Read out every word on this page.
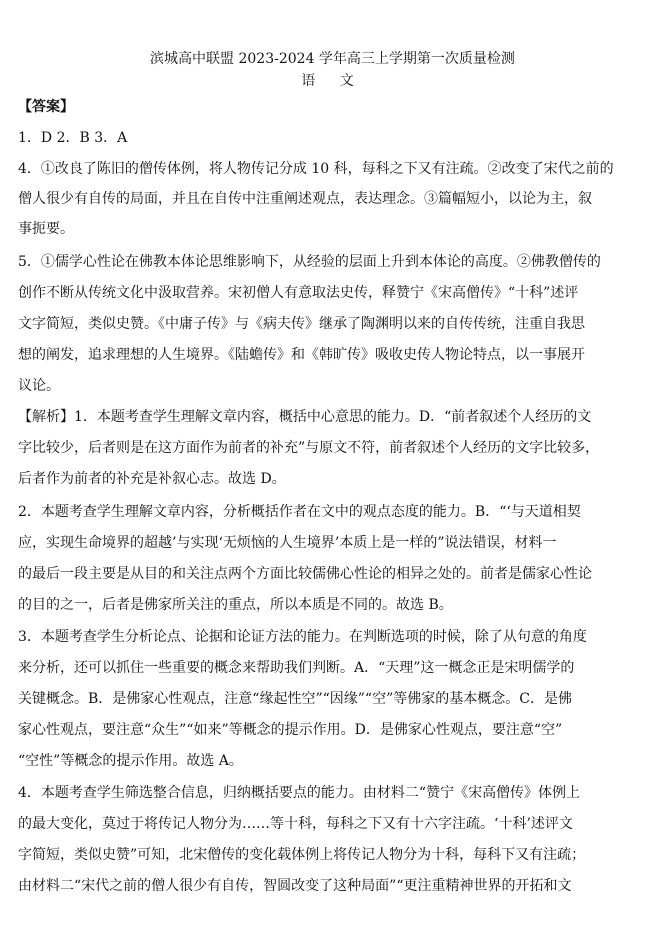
滨城高中联盟 2023-2024 学年高三上学期第一次质量检测
语 文
【答案】
1．D 2．B 3．A
4．①改良了陈旧的僧传体例，将人物传记分成 10 科，每科之下又有注疏。②改变了宋代之前的
僧人很少有自传的局面，并且在自传中注重阐述观点，表达理念。③篇幅短小，以论为主，叙
事扼要。
5．①儒学心性论在佛教本体论思维影响下，从经验的层面上升到本体论的高度。②佛教僧传的
创作不断从传统文化中汲取营养。宋初僧人有意取法史传，释赞宁《宋高僧传》“十科”述评
文字简短，类似史赞。《中庸子传》与《病夫传》继承了陶渊明以来的自传传统，注重自我思
想的阐发，追求理想的人生境界。《陆蟾传》和《韩旷传》吸收史传人物论特点，以一事展开
议论。
【解析】1．本题考查学生理解文章内容，概括中心意思的能力。D．“前者叙述个人经历的文
字比较少，后者则是在这方面作为前者的补充”与原文不符，前者叙述个人经历的文字比较多，
后者作为前者的补充是补叙心志。故选 D。
2．本题考查学生理解文章内容，分析概括作者在文中的观点态度的能力。B．“‘与天道相契
应，实现生命境界的超越’与实现‘无烦恼的人生境界’本质上是一样的”说法错误，材料一
的最后一段主要是从目的和关注点两个方面比较儒佛心性论的相异之处的。前者是儒家心性论
的目的之一，后者是佛家所关注的重点，所以本质是不同的。故选 B。
3．本题考查学生分析论点、论据和论证方法的能力。在判断选项的时候，除了从句意的角度
来分析，还可以抓住一些重要的概念来帮助我们判断。A．“天理”这一概念正是宋明儒学的
关键概念。B．是佛家心性观点，注意“缘起性空”“因缘”“空”等佛家的基本概念。C．是佛
家心性观点，要注意“众生”“如来”等概念的提示作用。D．是佛家心性观点，要注意“空”
“空性”等概念的提示作用。故选 A。
4．本题考查学生筛选整合信息，归纳概括要点的能力。由材料二“赞宁《宋高僧传》体例上
的最大变化，莫过于将传记人物分为……等十科，每科之下又有十六字注疏。‘十科’述评文
字简短，类似史赞”可知，北宋僧传的变化载体例上将传记人物分为十科，每科下又有注疏；
由材料二“宋代之前的僧人很少有自传，智圆改变了这种局面”“更注重精神世界的开拓和文
